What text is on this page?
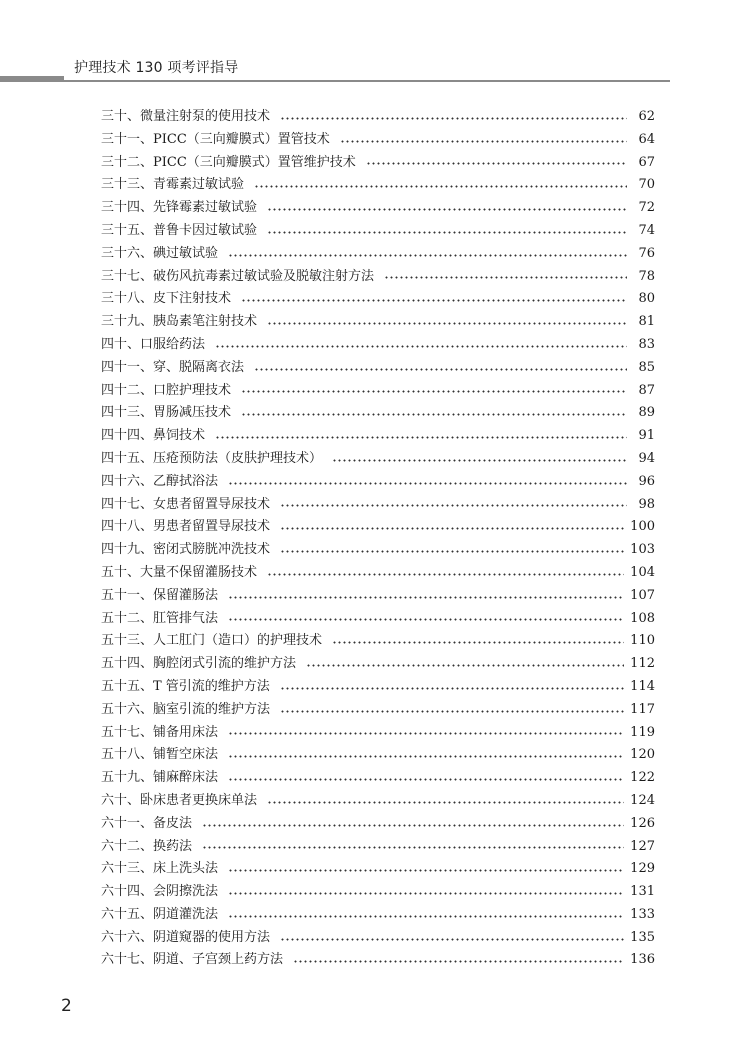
护理技术 130 项考评指导
三十、微量注射泵的使用技术	62
三十一、PICC（三向瓣膜式）置管技术	64
三十二、PICC（三向瓣膜式）置管维护技术	67
三十三、青霉素过敏试验	70
三十四、先锋霉素过敏试验	72
三十五、普鲁卡因过敏试验	74
三十六、碘过敏试验	76
三十七、破伤风抗毒素过敏试验及脱敏注射方法	78
三十八、皮下注射技术	80
三十九、胰岛素笔注射技术	81
四十、口服给药法	83
四十一、穿、脱隔离衣法	85
四十二、口腔护理技术	87
四十三、胃肠减压技术	89
四十四、鼻饲技术	91
四十五、压疮预防法（皮肤护理技术）	94
四十六、乙醇拭浴法	96
四十七、女患者留置导尿技术	98
四十八、男患者留置导尿技术	100
四十九、密闭式膀胱冲洗技术	103
五十、大量不保留灌肠技术	104
五十一、保留灌肠法	107
五十二、肛管排气法	108
五十三、人工肛门（造口）的护理技术	110
五十四、胸腔闭式引流的维护方法	112
五十五、T 管引流的维护方法	114
五十六、脑室引流的维护方法	117
五十七、铺备用床法	119
五十八、铺暂空床法	120
五十九、铺麻醉床法	122
六十、卧床患者更换床单法	124
六十一、备皮法	126
六十二、换药法	127
六十三、床上洗头法	129
六十四、会阴擦洗法	131
六十五、阴道灌洗法	133
六十六、阴道窥器的使用方法	135
六十七、阴道、子宫颈上药方法	136
2
